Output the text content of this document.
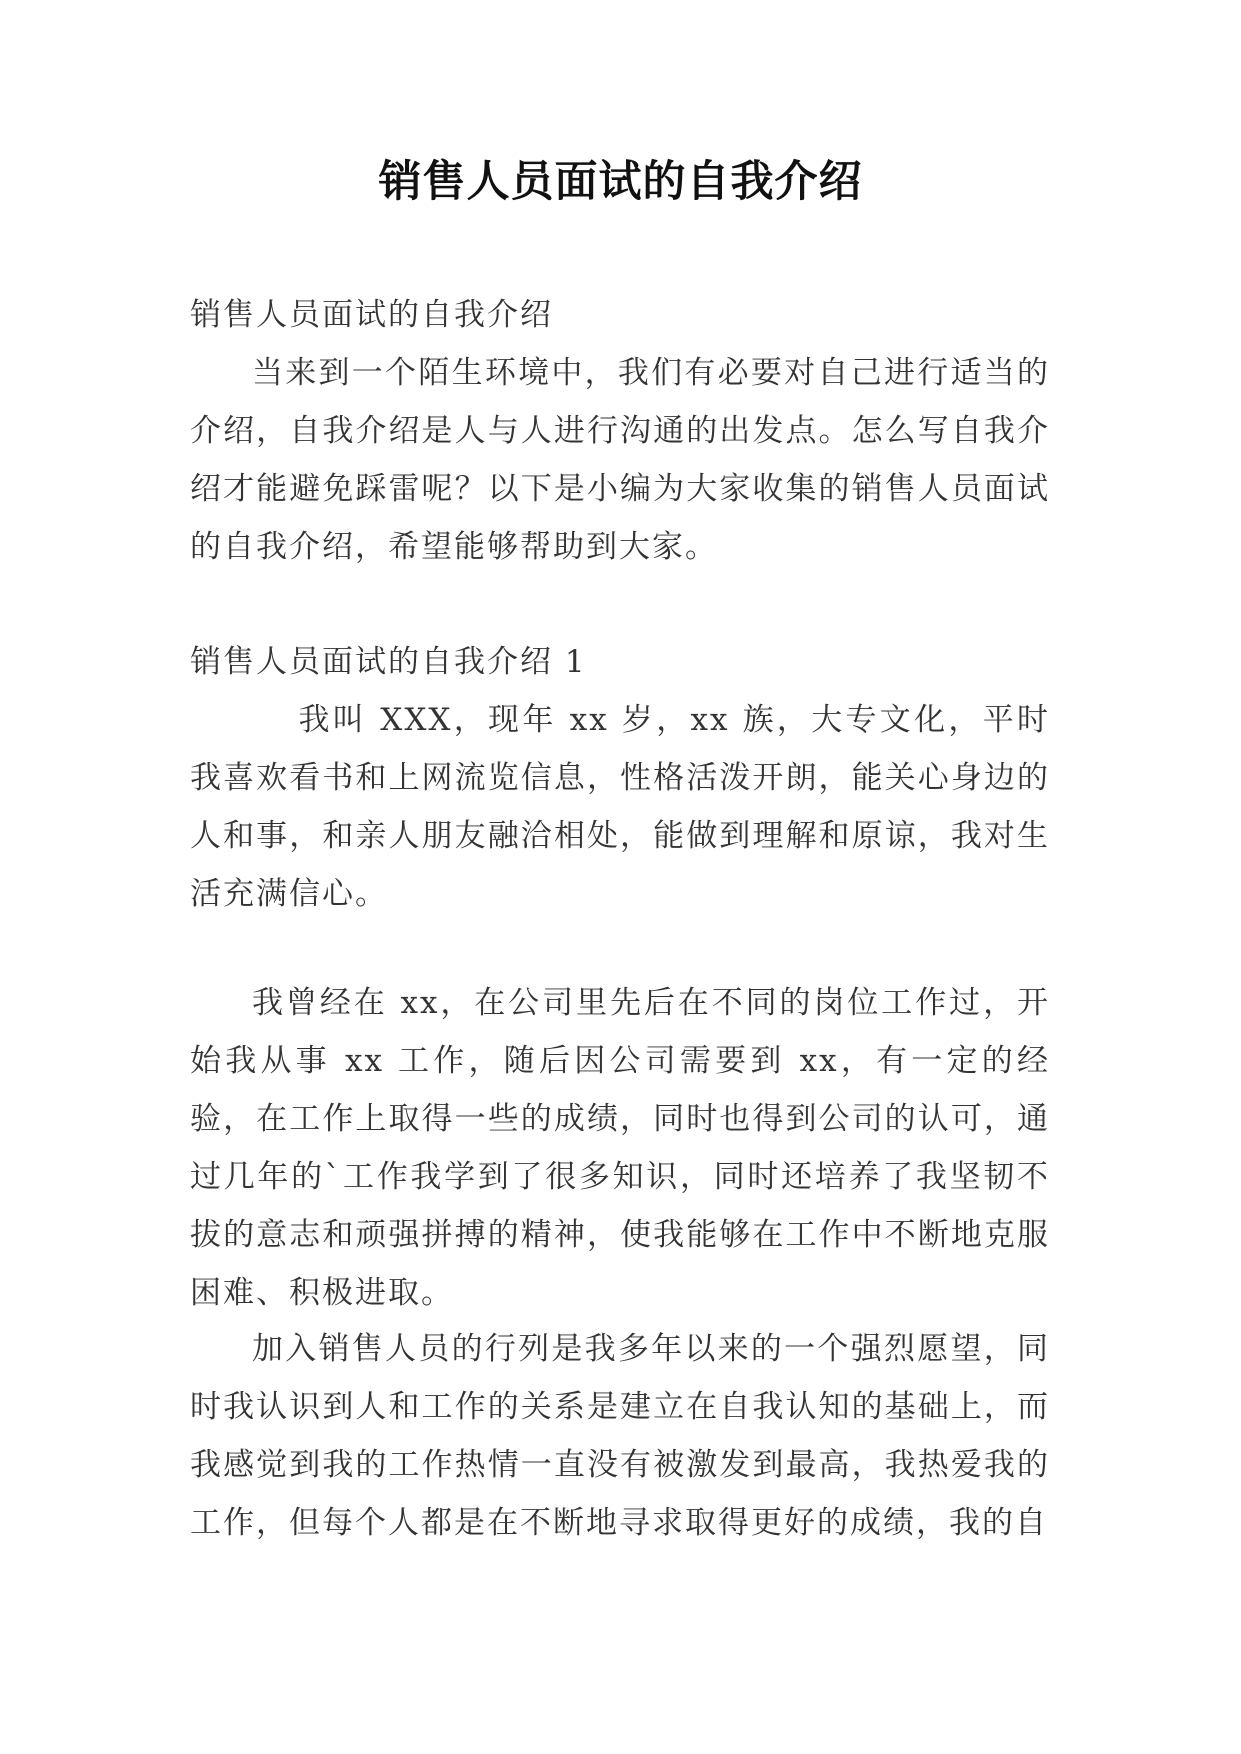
销售人员面试的自我介绍

销售人员面试的自我介绍

当来到一个陌生环境中，我们有必要对自己进行适当的介绍，自我介绍是人与人进行沟通的出发点。怎么写自我介绍才能避免踩雷呢？以下是小编为大家收集的销售人员面试的自我介绍，希望能够帮助到大家。

销售人员面试的自我介绍 1

我叫 XXX，现年 xx 岁，xx 族，大专文化，平时我喜欢看书和上网流览信息，性格活泼开朗，能关心身边的人和事，和亲人朋友融洽相处，能做到理解和原谅，我对生活充满信心。

我曾经在 xx，在公司里先后在不同的岗位工作过，开始我从事 xx 工作，随后因公司需要到 xx，有一定的经验，在工作上取得一些的成绩，同时也得到公司的认可，通过几年的`工作我学到了很多知识，同时还培养了我坚韧不拔的意志和顽强拼搏的精神，使我能够在工作中不断地克服困难、积极进取。

加入销售人员的行列是我多年以来的一个强烈愿望，同时我认识到人和工作的关系是建立在自我认知的基础上，而我感觉到我的工作热情一直没有被激发到最高，我热爱我的工作，但每个人都是在不断地寻求取得更好的成绩，我的自
